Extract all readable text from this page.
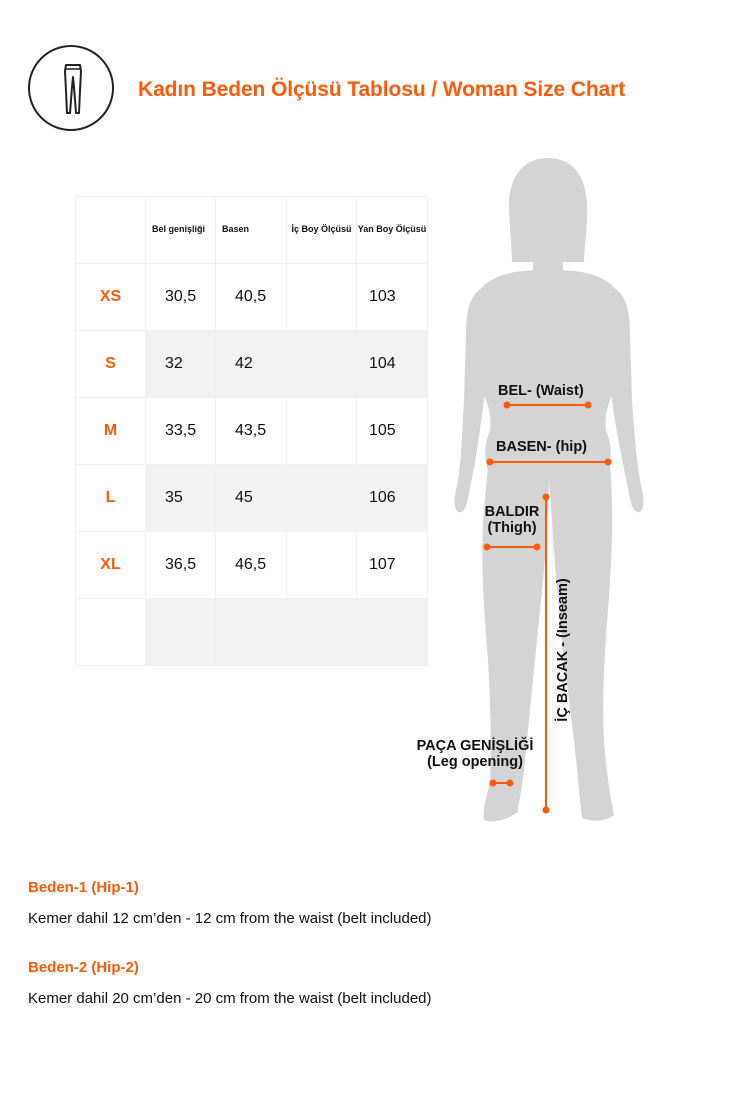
Kadın Beden Ölçüsü Tablosu / Woman Size Chart
	Bel genişliği	Basen	İç Boy Ölçüsü	Yan Boy Ölçüsü
XS	30,5	40,5		103
S	32	42		104
M	33,5	43,5		105
L	35	45		106
XL	36,5	46,5		107

BEL- (Waist)
BASEN- (hip)
BALDIR
(Thigh)
İÇ BACAK - (Inseam)
PAÇA GENİŞLİĞİ
(Leg opening)
Beden-1 (Hip-1)
Kemer dahil 12 cm’den - 12 cm from the waist (belt included)
Beden-2 (Hip-2)
Kemer dahil 20 cm’den - 20 cm from the waist (belt included)
